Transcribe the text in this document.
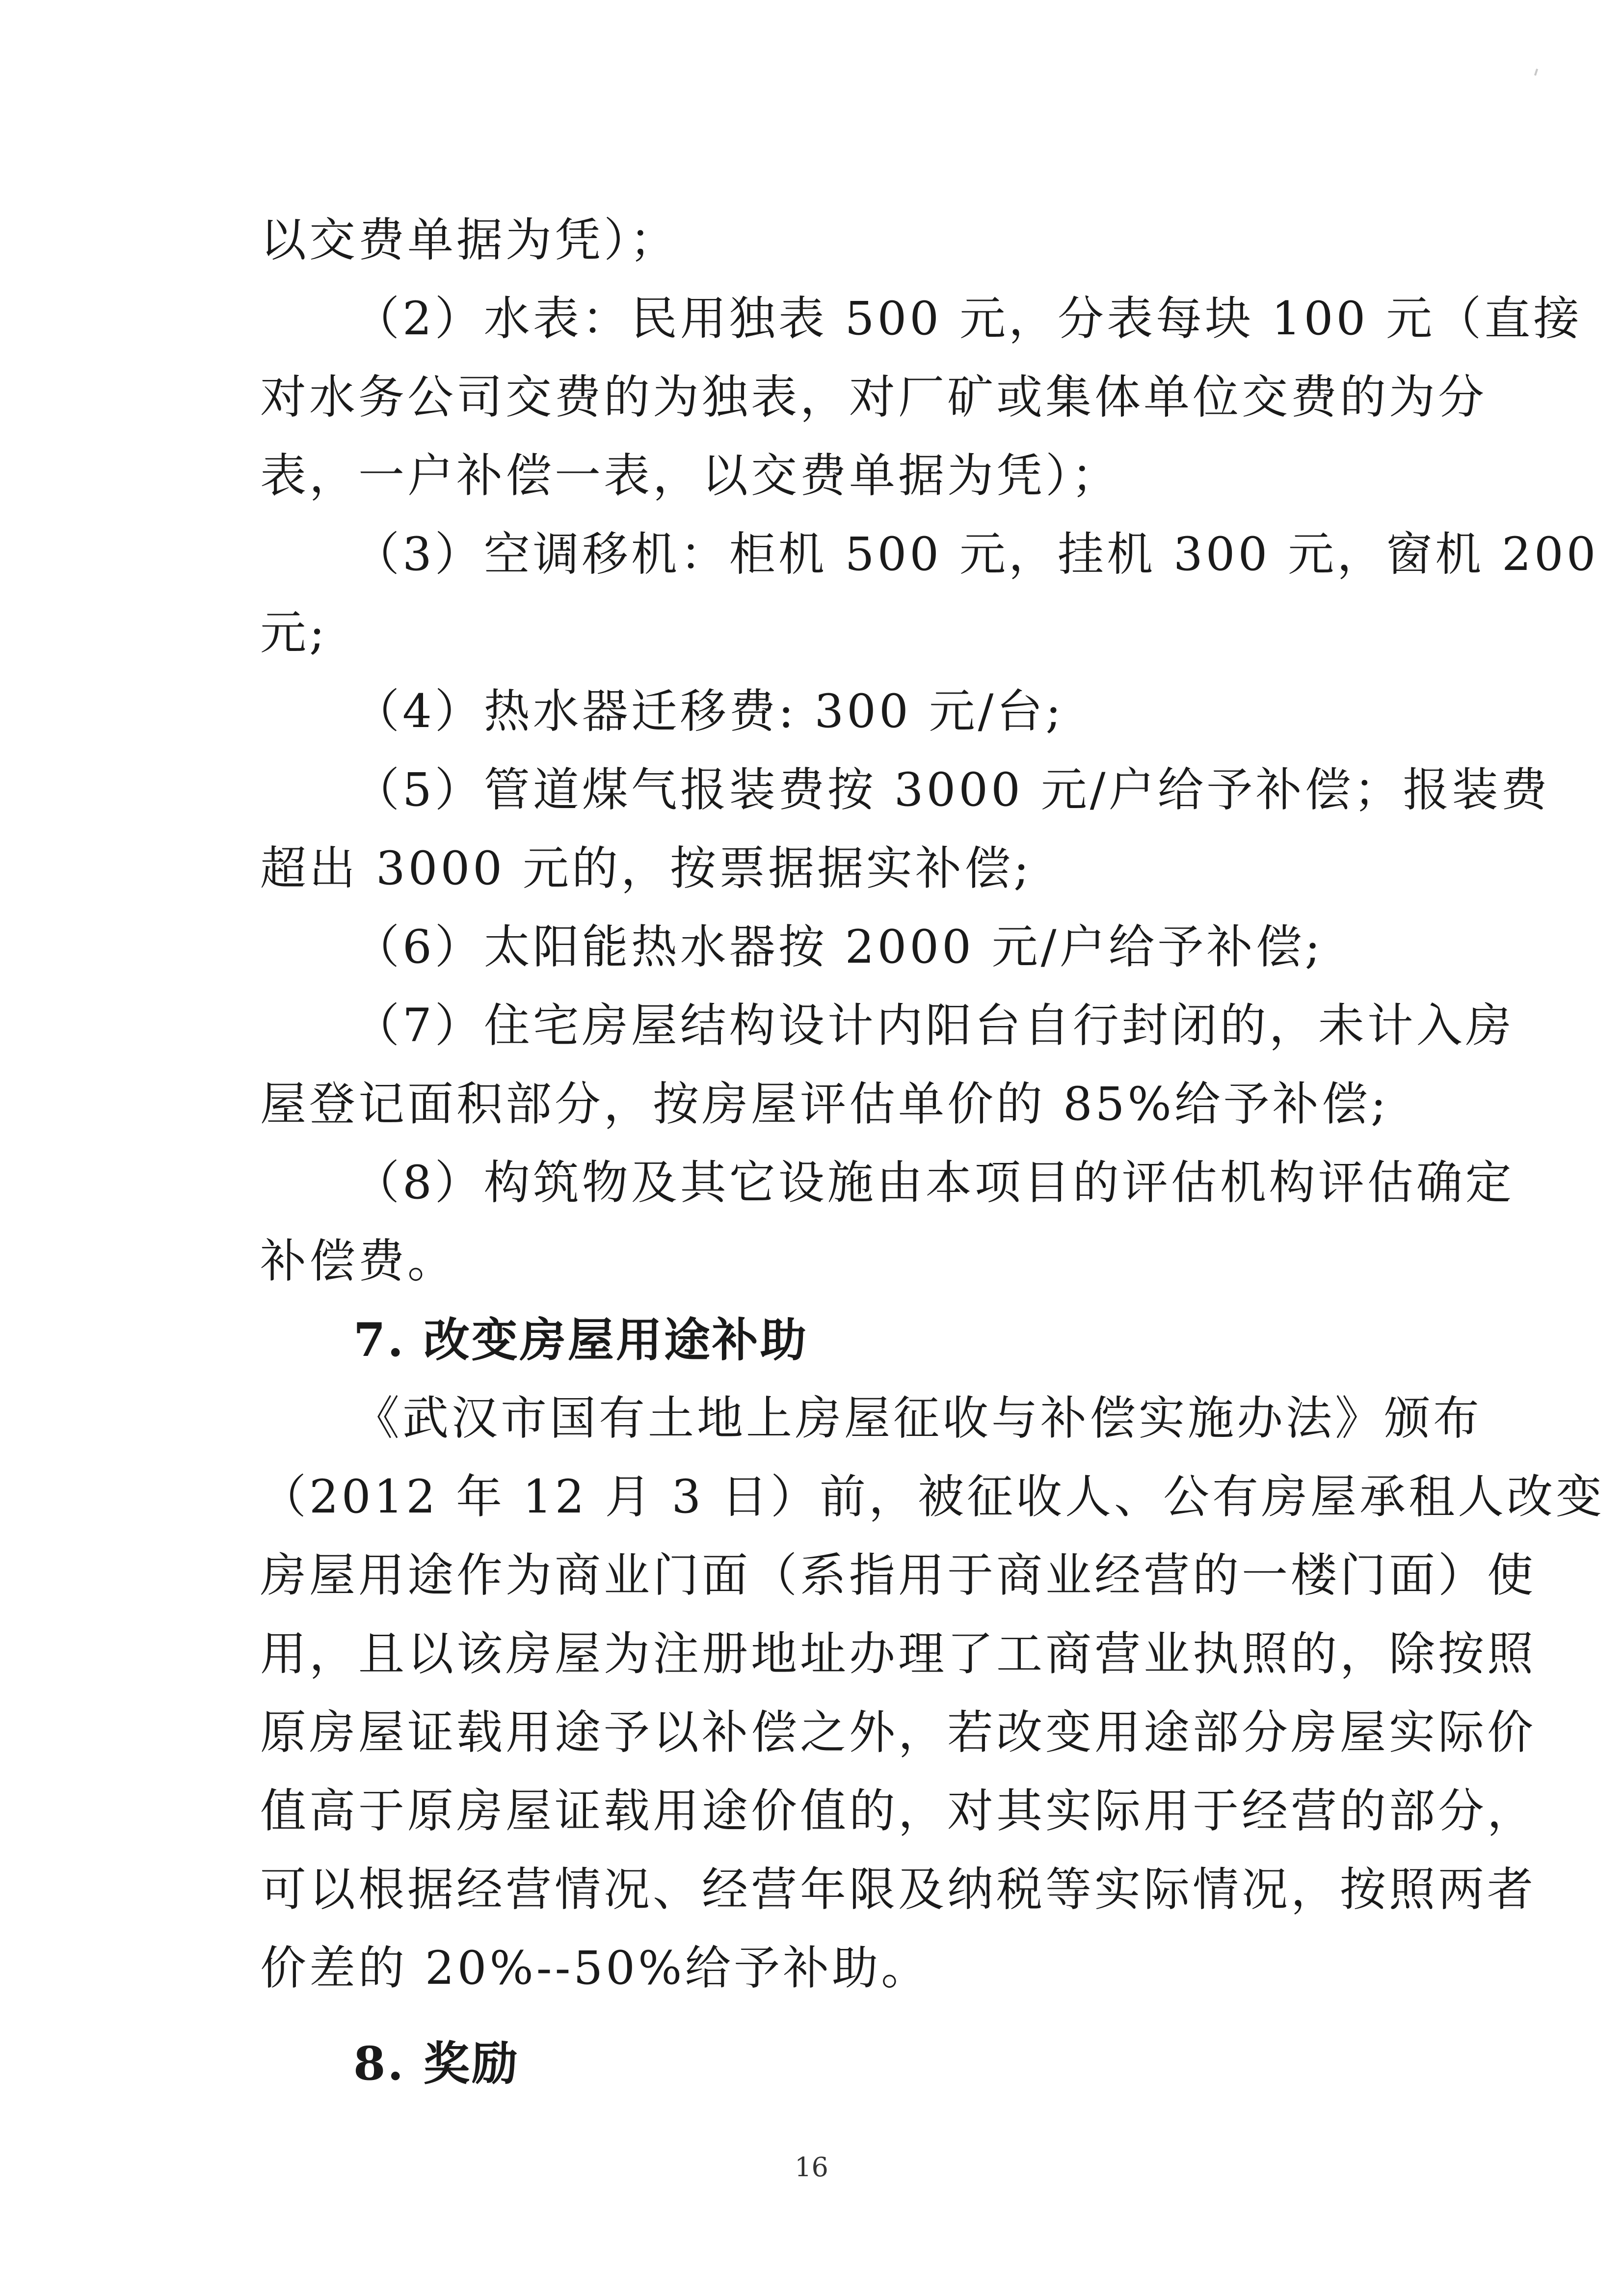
以交费单据为凭）；
（2）水表：民用独表 500 元，分表每块 100 元（直接
对水务公司交费的为独表，对厂矿或集体单位交费的为分
表，一户补偿一表，以交费单据为凭）；
（3）空调移机：柜机 500 元，挂机 300 元，窗机 200
元;
（4）热水器迁移费: 300 元/台;
（5）管道煤气报装费按 3000 元/户给予补偿；报装费
超出 3000 元的，按票据据实补偿;
（6）太阳能热水器按 2000 元/户给予补偿;
（7）住宅房屋结构设计内阳台自行封闭的，未计入房
屋登记面积部分，按房屋评估单价的 85%给予补偿;
（8）构筑物及其它设施由本项目的评估机构评估确定
补偿费。
7. 改变房屋用途补助
《武汉市国有土地上房屋征收与补偿实施办法》颁布
（2012 年 12 月 3 日）前，被征收人、公有房屋承租人改变
房屋用途作为商业门面（系指用于商业经营的一楼门面）使
用，且以该房屋为注册地址办理了工商营业执照的，除按照
原房屋证载用途予以补偿之外，若改变用途部分房屋实际价
值高于原房屋证载用途价值的，对其实际用于经营的部分，
可以根据经营情况、经营年限及纳税等实际情况，按照两者
价差的 20%--50%给予补助。
8. 奖励
16
